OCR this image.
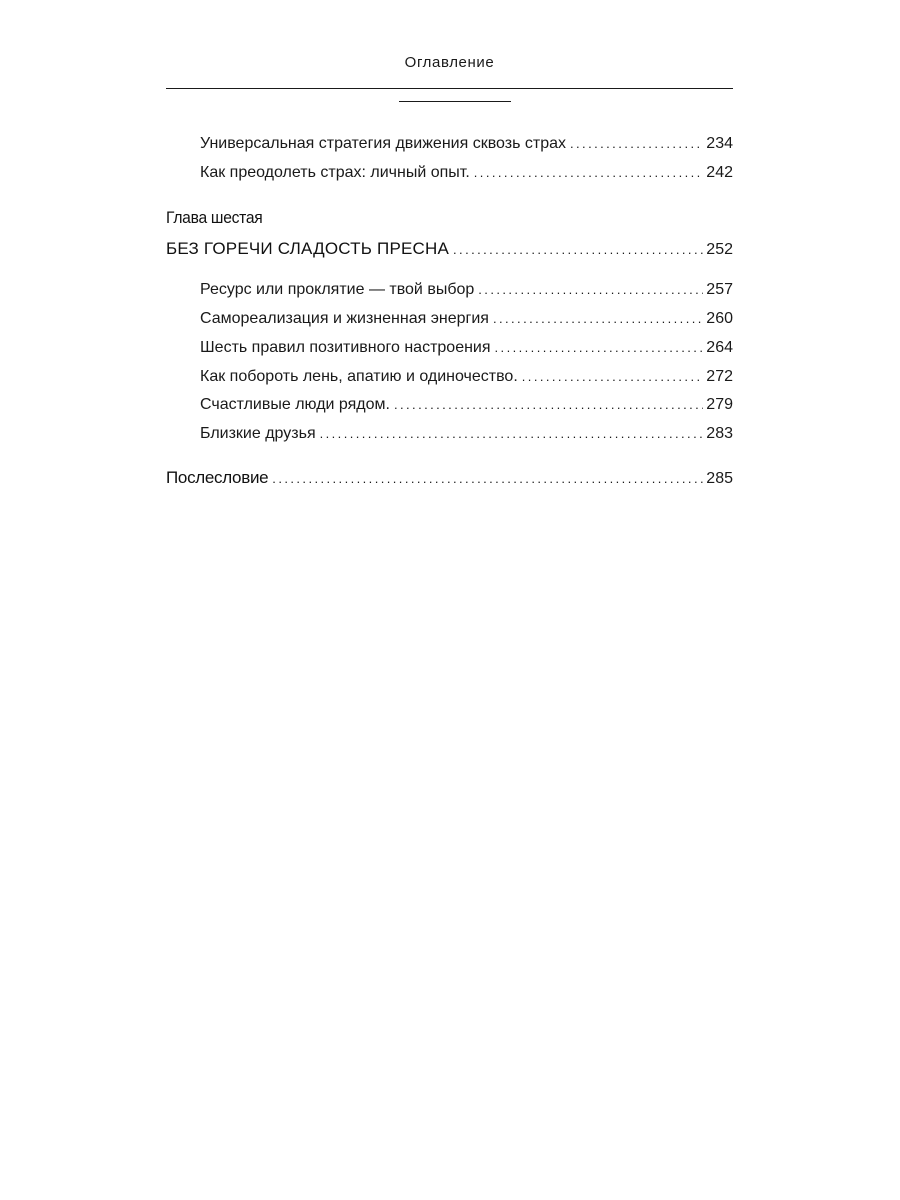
Оглавление
Универсальная стратегия движения сквозь страх . . .	234
Как преодолеть страх: личный опыт. . . .	242
Глава шестая
БЕЗ ГОРЕЧИ СЛАДОСТЬ ПРЕСНА . . .	252
Ресурс или проклятие — твой выбор . . .	257
Самореализация и жизненная энергия . . .	260
Шесть правил позитивного настроения . . .	264
Как побороть лень, апатию и одиночество. . . .	272
Счастливые люди рядом. . . .	279
Близкие друзья . . .	283
Послесловие . . .	285
